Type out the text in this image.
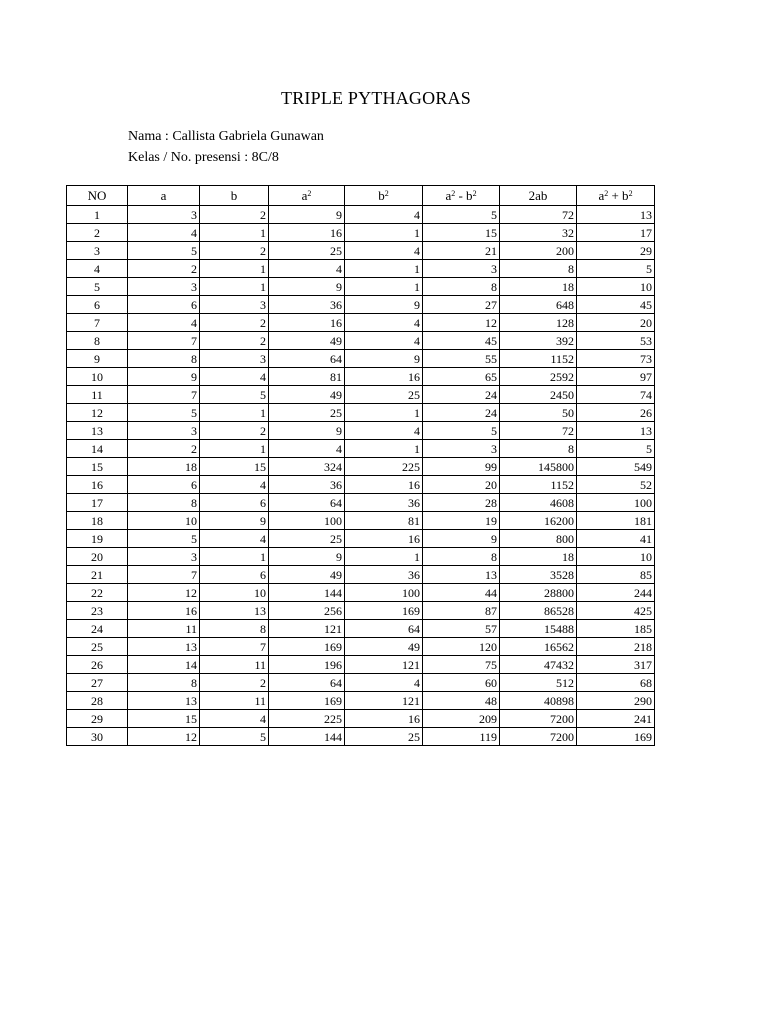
TRIPLE PYTHAGORAS
Nama : Callista Gabriela Gunawan
Kelas / No. presensi : 8C/8
NO	a	b	$a^2$	$b^2$	$a^2 - b^2$	2ab	$a^2 + b^2$
1	3	2	9	4	5	72	13
2	4	1	16	1	15	32	17
3	5	2	25	4	21	200	29
4	2	1	4	1	3	8	5
5	3	1	9	1	8	18	10
6	6	3	36	9	27	648	45
7	4	2	16	4	12	128	20
8	7	2	49	4	45	392	53
9	8	3	64	9	55	1152	73
10	9	4	81	16	65	2592	97
11	7	5	49	25	24	2450	74
12	5	1	25	1	24	50	26
13	3	2	9	4	5	72	13
14	2	1	4	1	3	8	5
15	18	15	324	225	99	145800	549
16	6	4	36	16	20	1152	52
17	8	6	64	36	28	4608	100
18	10	9	100	81	19	16200	181
19	5	4	25	16	9	800	41
20	3	1	9	1	8	18	10
21	7	6	49	36	13	3528	85
22	12	10	144	100	44	28800	244
23	16	13	256	169	87	86528	425
24	11	8	121	64	57	15488	185
25	13	7	169	49	120	16562	218
26	14	11	196	121	75	47432	317
27	8	2	64	4	60	512	68
28	13	11	169	121	48	40898	290
29	15	4	225	16	209	7200	241
30	12	5	144	25	119	7200	169
